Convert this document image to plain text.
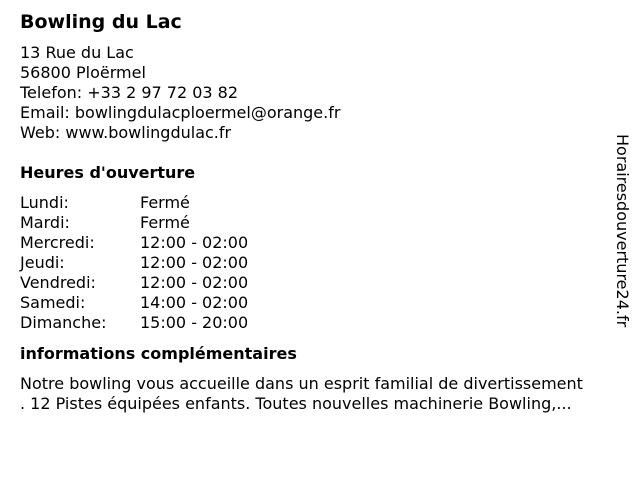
Bowling du Lac
13 Rue du Lac
56800 Ploërmel
Telefon: +33 2 97 72 03 82
Email: bowlingdulacploermel@orange.fr
Web: www.bowlingdulac.fr
Heures d'ouverture
Lundi:	Fermé
Mardi:	Fermé
Mercredi:	12:00 - 02:00
Jeudi:	12:00 - 02:00
Vendredi:	12:00 - 02:00
Samedi:	14:00 - 02:00
Dimanche:	15:00 - 20:00
informations complémentaires
Notre bowling vous accueille dans un esprit familial de divertissement
. 12 Pistes équipées enfants. Toutes nouvelles machinerie Bowling,...
Horairesdouverture24.fr
